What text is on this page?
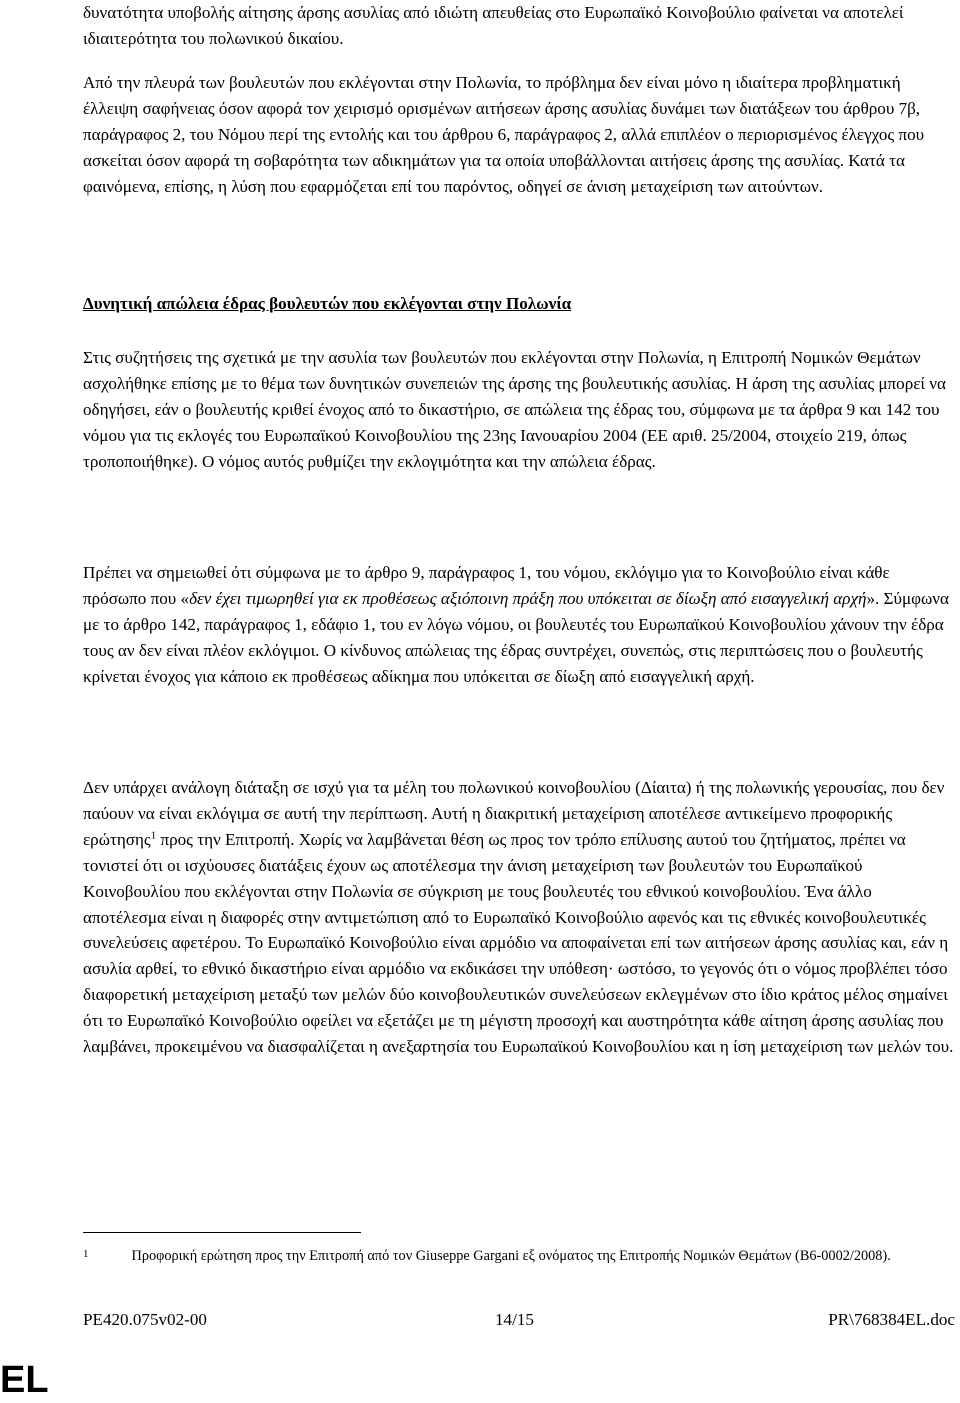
δυνατότητα υποβολής αίτησης άρσης ασυλίας από ιδιώτη απευθείας στο Ευρωπαϊκό Κοινοβούλιο φαίνεται να αποτελεί ιδιαιτερότητα του πολωνικού δικαίου.

Από την πλευρά των βουλευτών που εκλέγονται στην Πολωνία, το πρόβλημα δεν είναι μόνο η ιδιαίτερα προβληματική έλλειψη σαφήνειας όσον αφορά τον χειρισμό ορισμένων αιτήσεων άρσης ασυλίας δυνάμει των διατάξεων του άρθρου 7β, παράγραφος 2, του Νόμου περί της εντολής και του άρθρου 6, παράγραφος 2, αλλά επιπλέον ο περιορισμένος έλεγχος που ασκείται όσον αφορά τη σοβαρότητα των αδικημάτων για τα οποία υποβάλλονται αιτήσεις άρσης της ασυλίας. Κατά τα φαινόμενα, επίσης, η λύση που εφαρμόζεται επί του παρόντος, οδηγεί σε άνιση μεταχείριση των αιτούντων.

Δυνητική απώλεια έδρας βουλευτών που εκλέγονται στην Πολωνία

Στις συζητήσεις της σχετικά με την ασυλία των βουλευτών που εκλέγονται στην Πολωνία, η Επιτροπή Νομικών Θεμάτων ασχολήθηκε επίσης με το θέμα των δυνητικών συνεπειών της άρσης της βουλευτικής ασυλίας. Η άρση της ασυλίας μπορεί να οδηγήσει, εάν ο βουλευτής κριθεί ένοχος από το δικαστήριο, σε απώλεια της έδρας του, σύμφωνα με τα άρθρα 9 και 142 του νόμου για τις εκλογές του Ευρωπαϊκού Κοινοβουλίου της 23ης Ιανουαρίου 2004 (ΕΕ αριθ. 25/2004, στοιχείο 219, όπως τροποποιήθηκε). Ο νόμος αυτός ρυθμίζει την εκλογιμότητα και την απώλεια έδρας.

Πρέπει να σημειωθεί ότι σύμφωνα με το άρθρο 9, παράγραφος 1, του νόμου, εκλόγιμο για το Κοινοβούλιο είναι κάθε πρόσωπο που «δεν έχει τιμωρηθεί για εκ προθέσεως αξιόποινη πράξη που υπόκειται σε δίωξη από εισαγγελική αρχή». Σύμφωνα με το άρθρο 142, παράγραφος 1, εδάφιο 1, του εν λόγω νόμου, οι βουλευτές του Ευρωπαϊκού Κοινοβουλίου χάνουν την έδρα τους αν δεν είναι πλέον εκλόγιμοι. Ο κίνδυνος απώλειας της έδρας συντρέχει, συνεπώς, στις περιπτώσεις που ο βουλευτής κρίνεται ένοχος για κάποιο εκ προθέσεως αδίκημα που υπόκειται σε δίωξη από εισαγγελική αρχή.

Δεν υπάρχει ανάλογη διάταξη σε ισχύ για τα μέλη του πολωνικού κοινοβουλίου (Δίαιτα) ή της πολωνικής γερουσίας, που δεν παύουν να είναι εκλόγιμα σε αυτή την περίπτωση. Αυτή η διακριτική μεταχείριση αποτέλεσε αντικείμενο προφορικής ερώτησης$^1$ προς την Επιτροπή. Χωρίς να λαμβάνεται θέση ως προς τον τρόπο επίλυσης αυτού του ζητήματος, πρέπει να τονιστεί ότι οι ισχύουσες διατάξεις έχουν ως αποτέλεσμα την άνιση μεταχείριση των βουλευτών του Ευρωπαϊκού Κοινοβουλίου που εκλέγονται στην Πολωνία σε σύγκριση με τους βουλευτές του εθνικού κοινοβουλίου. Ένα άλλο αποτέλεσμα είναι η διαφορές στην αντιμετώπιση από το Ευρωπαϊκό Κοινοβούλιο αφενός και τις εθνικές κοινοβουλευτικές συνελεύσεις αφετέρου. Το Ευρωπαϊκό Κοινοβούλιο είναι αρμόδιο να αποφαίνεται επί των αιτήσεων άρσης ασυλίας και, εάν η ασυλία αρθεί, το εθνικό δικαστήριο είναι αρμόδιο να εκδικάσει την υπόθεση· ωστόσο, το γεγονός ότι ο νόμος προβλέπει τόσο διαφορετική μεταχείριση μεταξύ των μελών δύο κοινοβουλευτικών συνελεύσεων εκλεγμένων στο ίδιο κράτος μέλος σημαίνει ότι το Ευρωπαϊκό Κοινοβούλιο οφείλει να εξετάζει με τη μέγιστη προσοχή και αυστηρότητα κάθε αίτηση άρσης ασυλίας που λαμβάνει, προκειμένου να διασφαλίζεται η ανεξαρτησία του Ευρωπαϊκού Κοινοβουλίου και η ίση μεταχείριση των μελών του.

$^1$	Προφορική ερώτηση προς την Επιτροπή από τον Giuseppe Gargani εξ ονόματος της Επιτροπής Νομικών Θεμάτων (B6-0002/2008).
PE420.075v02-00	14/15	PR\768384EL.doc
EL
